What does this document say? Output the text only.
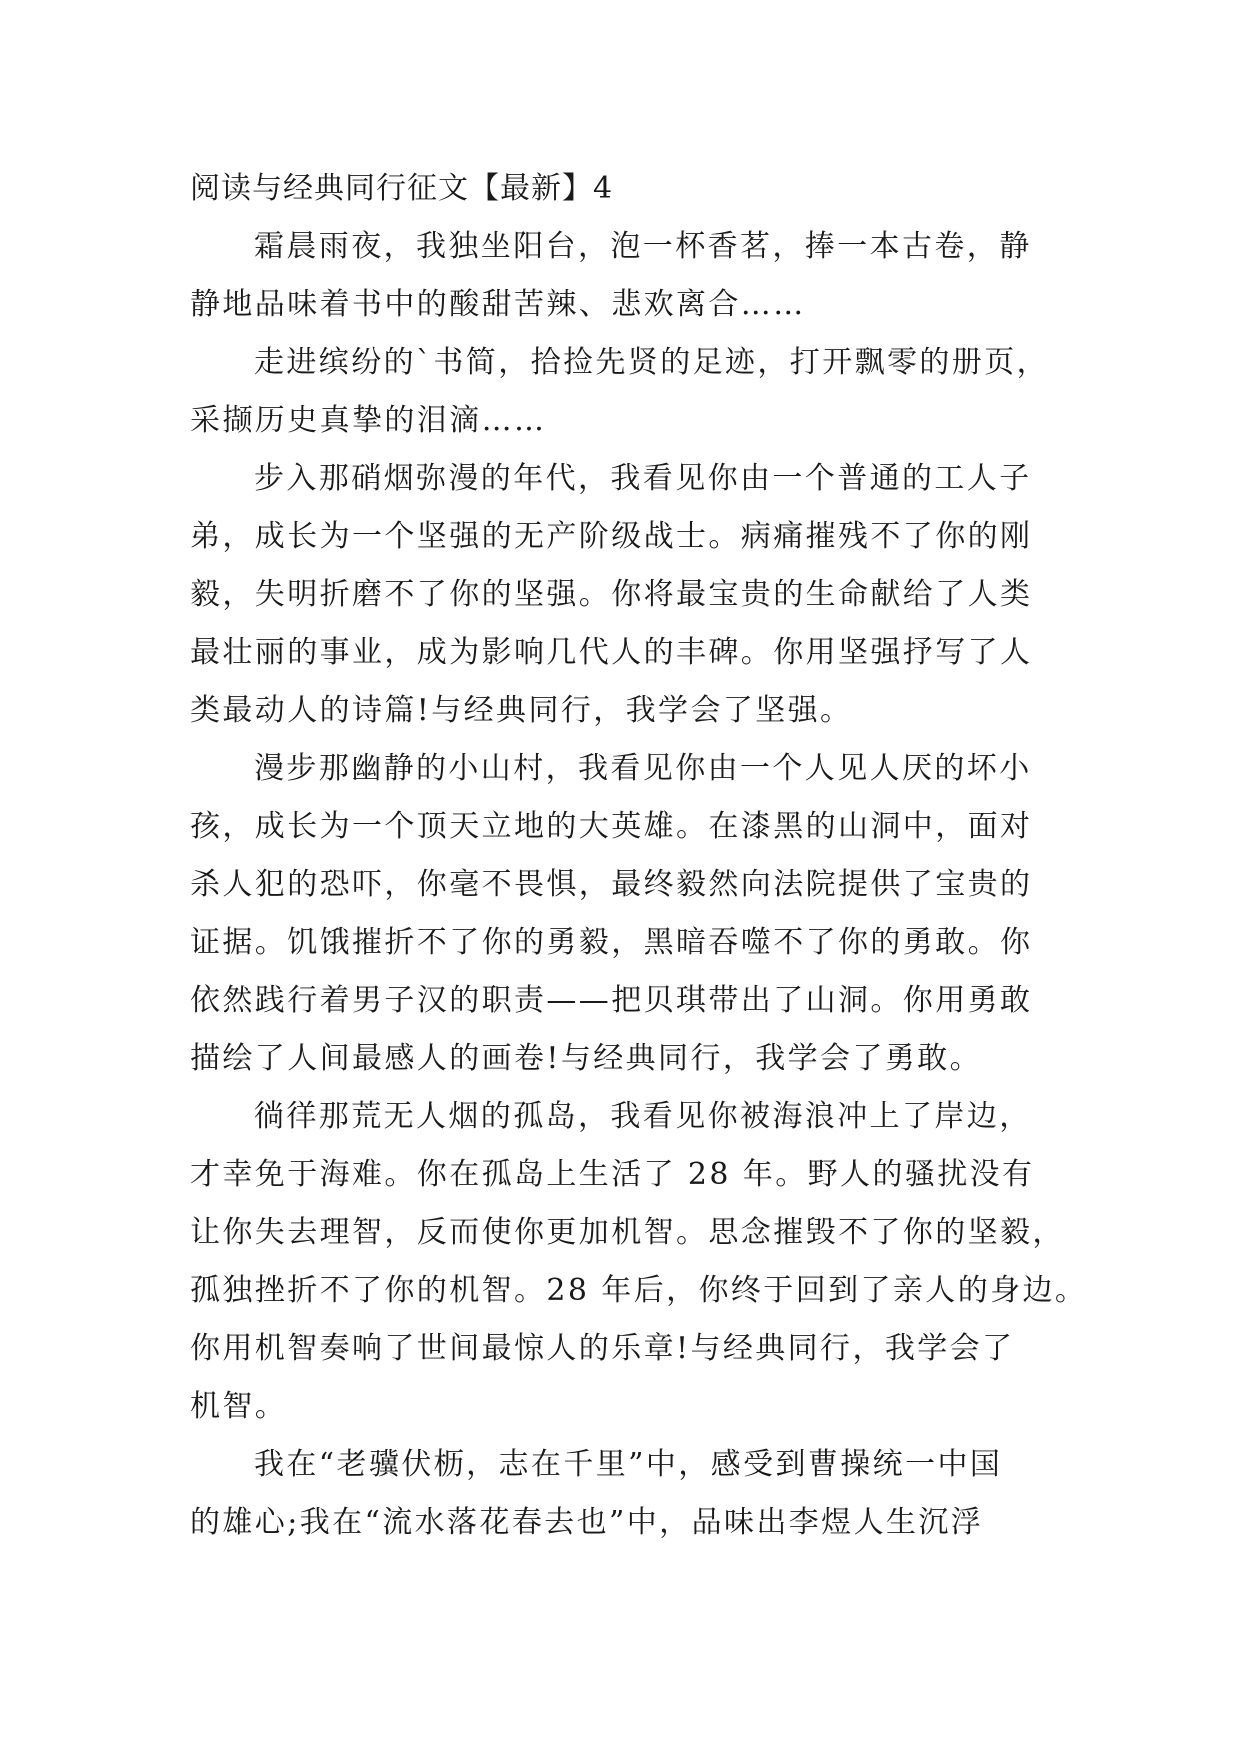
阅读与经典同行征文【最新】4
霜晨雨夜，我独坐阳台，泡一杯香茗，捧一本古卷，静
静地品味着书中的酸甜苦辣、悲欢离合……
走进缤纷的`书简，拾捡先贤的足迹，打开飘零的册页，
采撷历史真挚的泪滴……
步入那硝烟弥漫的年代，我看见你由一个普通的工人子
弟，成长为一个坚强的无产阶级战士。病痛摧残不了你的刚
毅，失明折磨不了你的坚强。你将最宝贵的生命献给了人类
最壮丽的事业，成为影响几代人的丰碑。你用坚强抒写了人
类最动人的诗篇!与经典同行，我学会了坚强。
漫步那幽静的小山村，我看见你由一个人见人厌的坏小
孩，成长为一个顶天立地的大英雄。在漆黑的山洞中，面对
杀人犯的恐吓，你毫不畏惧，最终毅然向法院提供了宝贵的
证据。饥饿摧折不了你的勇毅，黑暗吞噬不了你的勇敢。你
依然践行着男子汉的职责——把贝琪带出了山洞。你用勇敢
描绘了人间最感人的画卷!与经典同行，我学会了勇敢。
徜徉那荒无人烟的孤岛，我看见你被海浪冲上了岸边，
才幸免于海难。你在孤岛上生活了 28 年。野人的骚扰没有
让你失去理智，反而使你更加机智。思念摧毁不了你的坚毅，
孤独挫折不了你的机智。28 年后，你终于回到了亲人的身边。
你用机智奏响了世间最惊人的乐章!与经典同行，我学会了
机智。
我在“老骥伏枥，志在千里”中，感受到曹操统一中国
的雄心;我在“流水落花春去也”中，品味出李煜人生沉浮
